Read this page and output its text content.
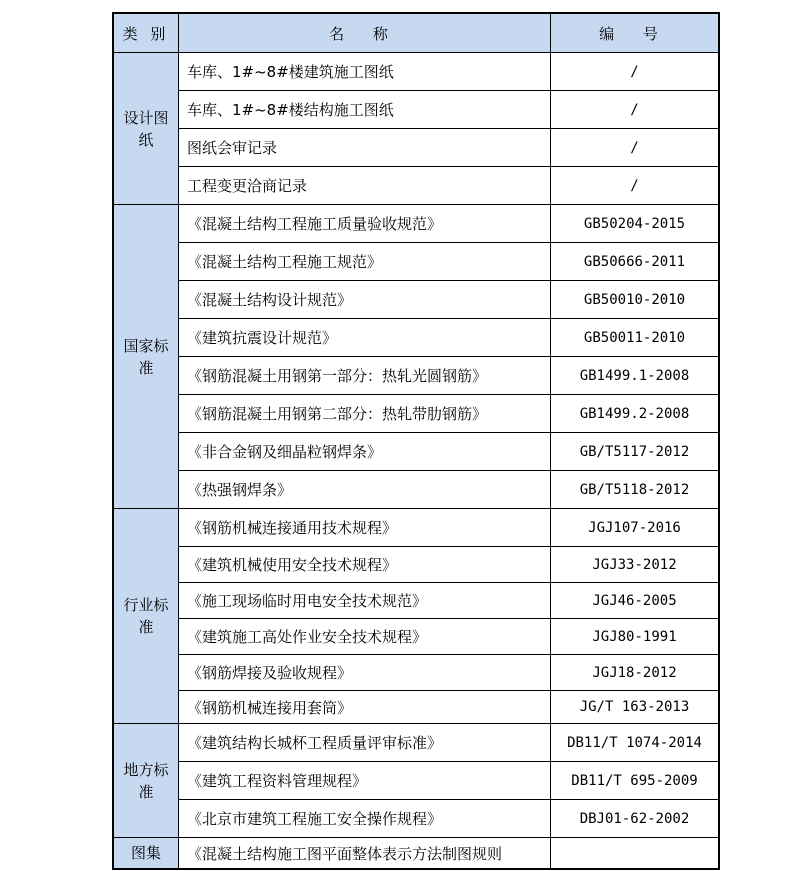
类 别	名 称	编 号
设计图纸	车库、1#~8#楼建筑施工图纸	/
	车库、1#~8#楼结构施工图纸	/
	图纸会审记录	/
	工程变更洽商记录	/
国家标准	《混凝土结构工程施工质量验收规范》	GB50204-2015
	《混凝土结构工程施工规范》	GB50666-2011
	《混凝土结构设计规范》	GB50010-2010
	《建筑抗震设计规范》	GB50011-2010
	《钢筋混凝土用钢第一部分：热轧光圆钢筋》	GB1499.1-2008
	《钢筋混凝土用钢第二部分：热轧带肋钢筋》	GB1499.2-2008
	《非合金钢及细晶粒钢焊条》	GB/T5117-2012
	《热强钢焊条》	GB/T5118-2012
行业标准	《钢筋机械连接通用技术规程》	JGJ107-2016
	《建筑机械使用安全技术规程》	JGJ33-2012
	《施工现场临时用电安全技术规范》	JGJ46-2005
	《建筑施工高处作业安全技术规程》	JGJ80-1991
	《钢筋焊接及验收规程》	JGJ18-2012
	《钢筋机械连接用套筒》	JG/T 163-2013
地方标准	《建筑结构长城杯工程质量评审标准》	DB11/T 1074-2014
	《建筑工程资料管理规程》	DB11/T 695-2009
	《北京市建筑工程施工安全操作规程》	DBJ01-62-2002
图集	《混凝土结构施工图平面整体表示方法制图规则	
